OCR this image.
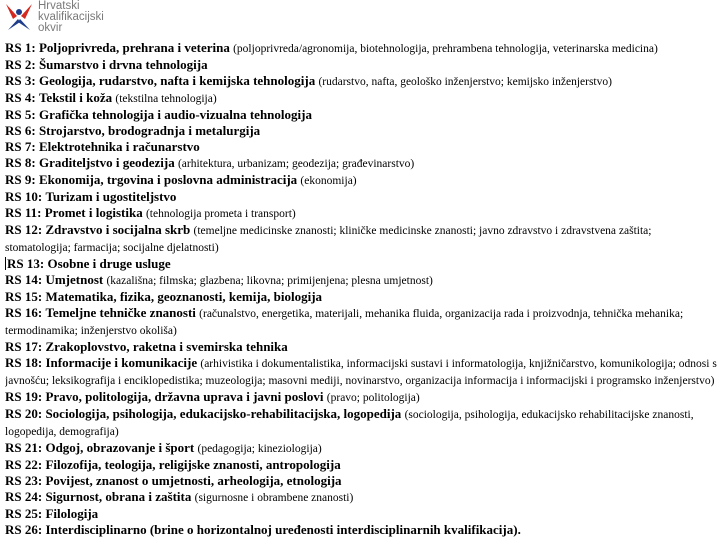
Hrvatski
kvalifikacijski
okvir
RS 1: Poljoprivreda, prehrana i veterina (poljoprivreda/agronomija, biotehnologija, prehrambena tehnologija, veterinarska medicina)
RS 2: Šumarstvo i drvna tehnologija
RS 3: Geologija, rudarstvo, nafta i kemijska tehnologija (rudarstvo, nafta, geološko inženjerstvo; kemijsko inženjerstvo)
RS 4: Tekstil i koža (tekstilna tehnologija)
RS 5: Grafička tehnologija i audio-vizualna tehnologija
RS 6: Strojarstvo, brodogradnja i metalurgija
RS 7: Elektrotehnika i računarstvo
RS 8: Graditeljstvo i geodezija (arhitektura, urbanizam; geodezija; građevinarstvo)
RS 9: Ekonomija, trgovina i poslovna administracija (ekonomija)
RS 10: Turizam i ugostiteljstvo
RS 11: Promet i logistika (tehnologija prometa i transport)
RS 12: Zdravstvo i socijalna skrb (temeljne medicinske znanosti; kliničke medicinske znanosti; javno zdravstvo i zdravstvena zaštita; stomatologija; farmacija; socijalne djelatnosti)
RS 13: Osobne i druge usluge
RS 14: Umjetnost (kazališna; filmska; glazbena; likovna; primijenjena; plesna umjetnost)
RS 15: Matematika, fizika, geoznanosti, kemija, biologija
RS 16: Temeljne tehničke znanosti (računalstvo, energetika, materijali, mehanika fluida, organizacija rada i proizvodnja, tehnička mehanika; termodinamika; inženjerstvo okoliša)
RS 17: Zrakoplovstvo, raketna i svemirska tehnika
RS 18: Informacije i komunikacije (arhivistika i dokumentalistika, informacijski sustavi i informatologija, knjižničarstvo, komunikologija; odnosi s javnošću; leksikografija i enciklopedistika; muzeologija; masovni mediji, novinarstvo, organizacija informacija i informacijski i programsko inženjerstvo)
RS 19: Pravo, politologija, državna uprava i javni poslovi (pravo; politologija)
RS 20: Sociologija, psihologija, edukacijsko-rehabilitacijska, logopedija (sociologija, psihologija, edukacijsko rehabilitacijske znanosti, logopedija, demografija)
RS 21: Odgoj, obrazovanje i šport (pedagogija; kineziologija)
RS 22: Filozofija, teologija, religijske znanosti, antropologija
RS 23: Povijest, znanost o umjetnosti, arheologija, etnologija
RS 24: Sigurnost, obrana i zaštita (sigurnosne i obrambene znanosti)
RS 25: Filologija
RS 26: Interdisciplinarno (brine o horizontalnoj uređenosti interdisciplinarnih kvalifikacija).
